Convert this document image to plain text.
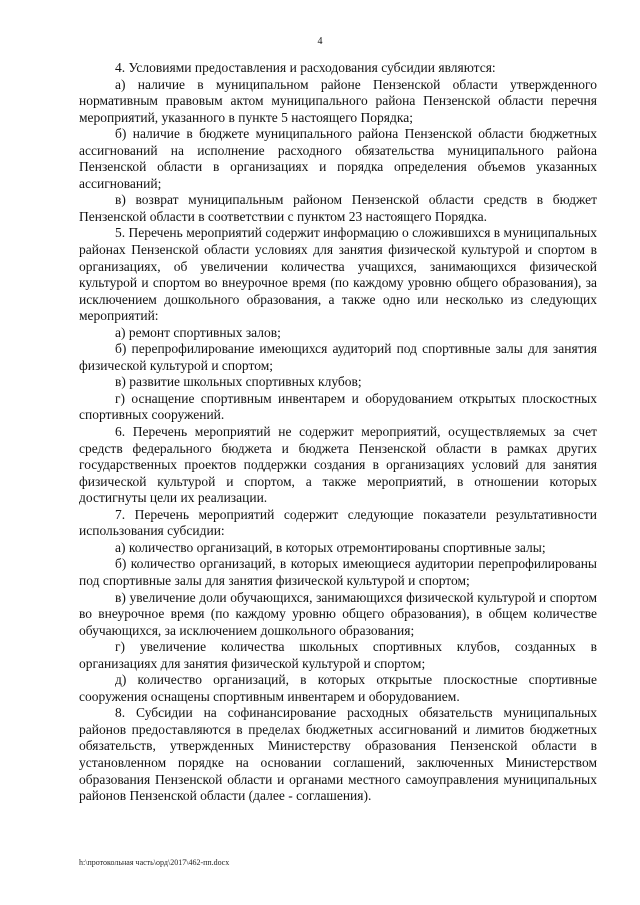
4

4. Условиями предоставления и расходования субсидии являются:

а) наличие в муниципальном районе Пензенской области утвержденного нормативным правовым актом муниципального района Пензенской области перечня мероприятий, указанного в пункте 5 настоящего Порядка;

б) наличие в бюджете муниципального района Пензенской области бюджетных ассигнований на исполнение расходного обязательства муниципального района Пензенской области в организациях и порядка определения объемов указанных ассигнований;

в) возврат муниципальным районом Пензенской области средств в бюджет Пензенской области в соответствии с пунктом 23 настоящего Порядка.

5. Перечень мероприятий содержит информацию о сложившихся в муниципальных районах Пензенской области условиях для занятия физической культурой и спортом в организациях, об увеличении количества учащихся, занимающихся физической культурой и спортом во внеурочное время (по каждому уровню общего образования), за исключением дошкольного образования, а также одно или несколько из следующих мероприятий:

а) ремонт спортивных залов;

б) перепрофилирование имеющихся аудиторий под спортивные залы для занятия физической культурой и спортом;

в) развитие школьных спортивных клубов;

г) оснащение спортивным инвентарем и оборудованием открытых плоскостных спортивных сооружений.

6. Перечень мероприятий не содержит мероприятий, осуществляемых за счет средств федерального бюджета и бюджета Пензенской области в рамках других государственных проектов поддержки создания в организациях условий для занятия физической культурой и спортом, а также мероприятий, в отношении которых достигнуты цели их реализации.

7. Перечень мероприятий содержит следующие показатели результативности использования субсидии:

а) количество организаций, в которых отремонтированы спортивные залы;

б) количество организаций, в которых имеющиеся аудитории перепрофилированы под спортивные залы для занятия физической культурой и спортом;

в) увеличение доли обучающихся, занимающихся физической культурой и спортом во внеурочное время (по каждому уровню общего образования), в общем количестве обучающихся, за исключением дошкольного образования;

г) увеличение количества школьных спортивных клубов, созданных в организациях для занятия физической культурой и спортом;

д) количество организаций, в которых открытые плоскостные спортивные сооружения оснащены спортивным инвентарем и оборудованием.

8. Субсидии на софинансирование расходных обязательств муниципальных районов предоставляются в пределах бюджетных ассигнований и лимитов бюджетных обязательств, утвержденных Министерству образования Пензенской области в установленном порядке на основании соглашений, заключенных Министерством образования Пензенской области и органами местного самоуправления муниципальных районов Пензенской области (далее - соглашения).

h:\протокольная часть\орд\2017\462-пп.docx
